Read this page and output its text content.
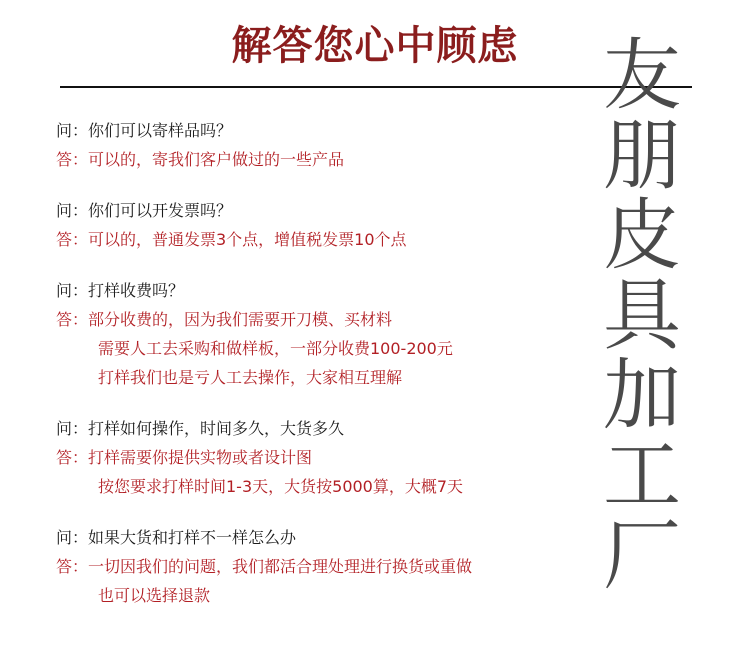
解答您心中顾虑	友
朋
皮
具
加
工
厂
问：你们可以寄样品吗？
答：可以的，寄我们客户做过的一些产品
问：你们可以开发票吗？
答：可以的，普通发票3个点，增值税发票10个点
问：打样收费吗？
答：部分收费的，因为我们需要开刀模、买材料
需要人工去采购和做样板，一部分收费100-200元
打样我们也是亏人工去操作，大家相互理解
问：打样如何操作，时间多久，大货多久
答：打样需要你提供实物或者设计图
按您要求打样时间1-3天，大货按5000算，大概7天
问：如果大货和打样不一样怎么办
答：一切因我们的问题，我们都活合理处理进行换货或重做
也可以选择退款
